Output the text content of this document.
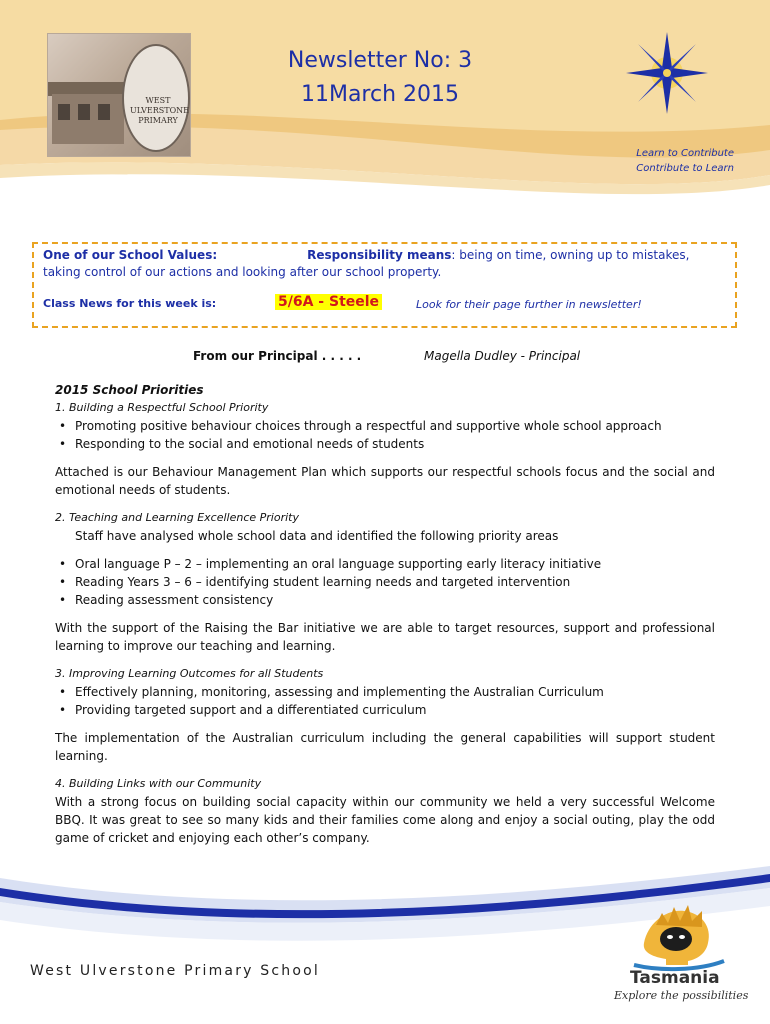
WEST
ULVERSTONE
PRIMARY
Newsletter No: 3
11March 2015
Learn to Contribute
Contribute to Learn
One of our School Values:	Responsibility means: being on time, owning up to mistakes, taking control of our actions and looking after our school property.
Class News for this week is:	5/6A - Steele	Look for their page further in newsletter!
From our Principal . . . . .	Magella Dudley - Principal

2015 School Priorities

1. Building a Respectful School Priority

• Promoting positive behaviour choices through a respectful and supportive whole school approach
• Responding to the social and emotional needs of students

Attached is our Behaviour Management Plan which supports our respectful schools focus and the social and emotional needs of students.

2. Teaching and Learning Excellence Priority

Staff have analysed whole school data and identified the following priority areas

• Oral language P – 2 – implementing an oral language supporting early literacy initiative
• Reading Years 3 – 6 – identifying student learning needs and targeted intervention
• Reading assessment consistency

With the support of the Raising the Bar initiative we are able to target resources, support and professional learning to improve our teaching and learning.

3. Improving Learning Outcomes for all Students

• Effectively planning, monitoring, assessing and implementing the Australian Curriculum
• Providing targeted support and a differentiated curriculum

The implementation of the Australian curriculum including the general capabilities will support student learning.

4. Building Links with our Community

With a strong focus on building social capacity within our community we held a very successful Welcome BBQ. It was great to see so many kids and their families come along and enjoy a social outing, play the odd game of cricket and enjoying each other’s company.

West Ulverstone Primary School	Tasmania
Explore the possibilities
